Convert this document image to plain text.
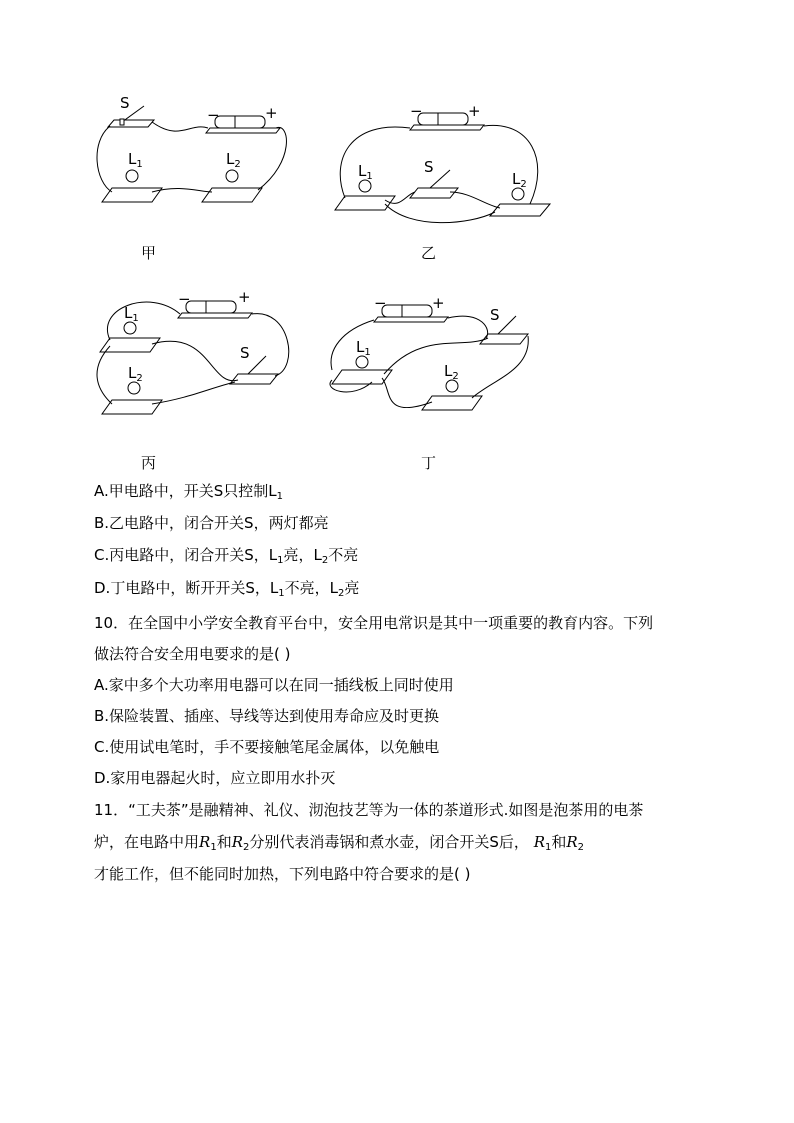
S
−	+
$L_1$	$L_2$
甲
S
−	+
$L_1$	$L_2$
乙
S
−	+
$L_1$
$L_2$
丙
S
−	+
$L_1$
$L_2$
丁
A.甲电路中，开关S只控制$L_1$
B.乙电路中，闭合开关S，两灯都亮
C.丙电路中，闭合开关S，$L_1$亮，$L_2$不亮
D.丁电路中，断开开关S，$L_1$不亮，$L_2$亮
10．在全国中小学安全教育平台中，安全用电常识是其中一项重要的教育内容。下列
做法符合安全用电要求的是( )
A.家中多个大功率用电器可以在同一插线板上同时使用
B.保险装置、插座、导线等达到使用寿命应及时更换
C.使用试电笔时，手不要接触笔尾金属体，以免触电
D.家用电器起火时，应立即用水扑灭
11．“工夫茶”是融精神、礼仪、沏泡技艺等为一体的茶道形式.如图是泡茶用的电茶
炉，在电路中用$R_1$和$R_2$分别代表消毒锅和煮水壶，闭合开关S后， $R_1$和$R_2$
才能工作，但不能同时加热，下列电路中符合要求的是( )
